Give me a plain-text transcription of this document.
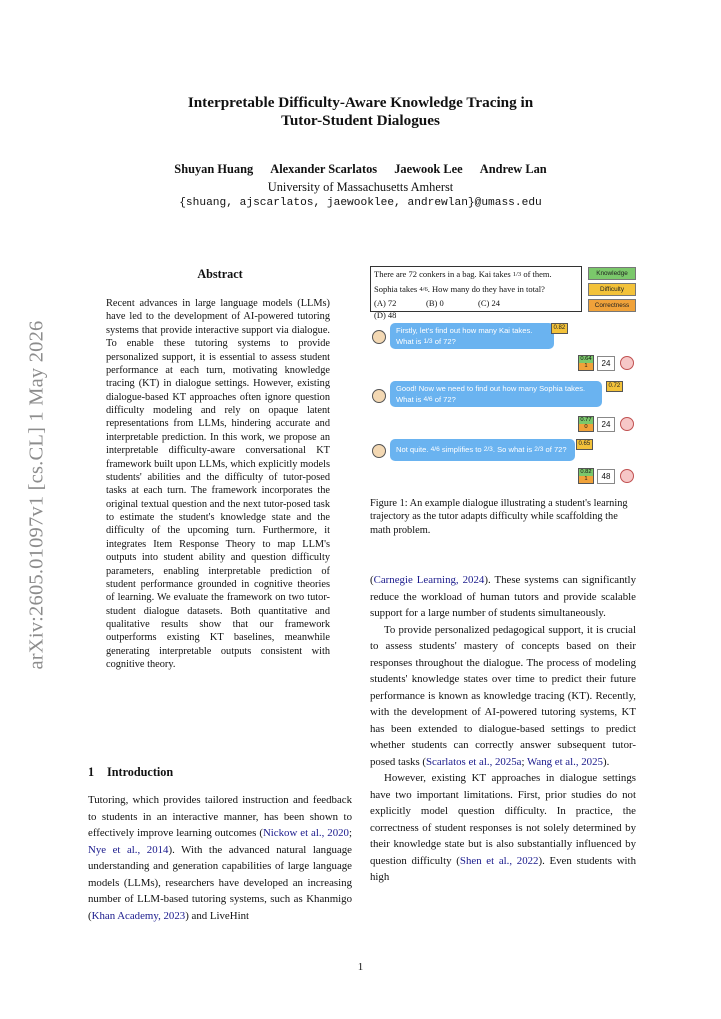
arXiv:2605.01097v1 [cs.CL] 1 May 2026
Interpretable Difficulty-Aware Knowledge Tracing in
Tutor-Student Dialogues
Shuyan Huang Alexander Scarlatos Jaewook Lee Andrew Lan
University of Massachusetts Amherst
{shuang, ajscarlatos, jaewooklee, andrewlan}@umass.edu
Abstract
Recent advances in large language models (LLMs) have led to the development of AI-powered tutoring systems that provide interactive support via dialogue. To enable these tutoring systems to provide personalized support, it is essential to assess student performance at each turn, motivating knowledge tracing (KT) in dialogue settings. However, existing dialogue-based KT approaches often ignore question difficulty modeling and rely on opaque latent representations from LLMs, hindering accurate and interpretable prediction. In this work, we propose an interpretable difficulty-aware conversational KT framework built upon LLMs, which explicitly models students' abilities and the difficulty of tutor-posed tasks at each turn. The framework incorporates the original textual question and the next tutor-posed task to estimate the student's knowledge state and the difficulty of the upcoming turn. Furthermore, it integrates Item Response Theory to map LLM's outputs into student ability and question difficulty parameters, enabling interpretable prediction of student performance grounded in cognitive theories of learning. We evaluate the framework on two tutor-student dialogue datasets. Both quantitative and qualitative results show that our framework outperforms existing KT baselines, meanwhile generating interpretable outputs consistent with cognitive theory.
1 Introduction
Tutoring, which provides tailored instruction and feedback to students in an interactive manner, has been shown to effectively improve learning outcomes (Nickow et al., 2020; Nye et al., 2014). With the advanced natural language understanding and generation capabilities of large language models (LLMs), researchers have developed an increasing number of LLM-based tutoring systems, such as Khanmigo (Khan Academy, 2023) and LiveHint
There are 72 conkers in a bag. Kai takes 1/3 of them.
Sophia takes 4/6. How many do they have in total?
(A) 72	(B) 0	(C) 24(D) 48
Knowledge
Difficulty
Correctness
Firstly, let's find out how many Kai takes.
What is 1/3 of 72?
0.82
0.64
1	24
Good! Now we need to find out how many Sophia takes.
What is 4/6 of 72?
0.72
0.77
0	24
Not quite. 4/6 simplifies to 2/3. So what is 2/3 of 72?
0.65
0.82
1	48
Figure 1: An example dialogue illustrating a student's learning trajectory as the tutor adapts difficulty while scaffolding the math problem.

(Carnegie Learning, 2024). These systems can significantly reduce the workload of human tutors and provide scalable support for a large number of students simultaneously.

To provide personalized pedagogical support, it is crucial to assess students' mastery of concepts based on their responses throughout the dialogue. The process of modeling students' knowledge states over time to predict their future performance is known as knowledge tracing (KT). Recently, with the development of AI-powered tutoring systems, KT has been extended to dialogue-based settings to predict whether students can correctly answer subsequent tutor-posed tasks (Scarlatos et al., 2025a; Wang et al., 2025).

However, existing KT approaches in dialogue settings have two important limitations. First, prior studies do not explicitly model question difficulty. In practice, the correctness of student responses is not solely determined by their knowledge state but is also substantially influenced by question difficulty (Shen et al., 2022). Even students with high

1
